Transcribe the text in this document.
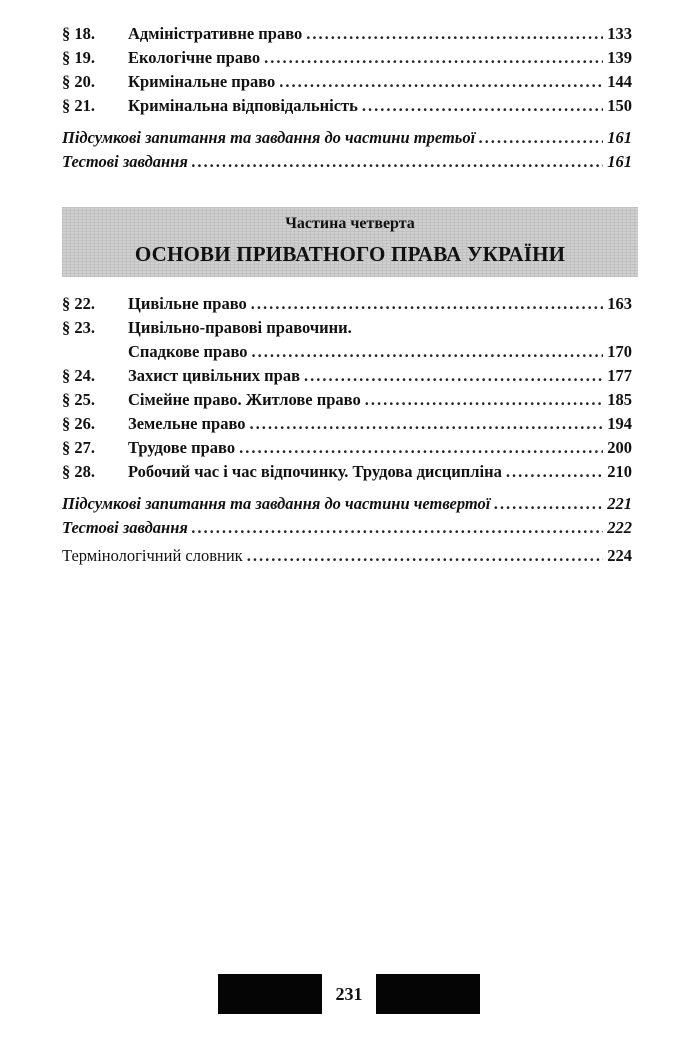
§ 18.	Адміністративне право .....	133
§ 19.	Екологічне право .....	139
§ 20.	Кримінальне право .....	144
§ 21.	Кримінальна відповідальність .....	150
Підсумкові запитання та завдання до частини третьої .....	161
Тестові завдання .....	161
Частина четверта
ОСНОВИ ПРИВАТНОГО ПРАВА УКРАЇНИ
§ 22.	Цивільне право .....	163
§ 23.	Цивільно-правові правочини.
Спадкове право .....	170
§ 24.	Захист цивільних прав .....	177
§ 25.	Сімейне право. Житлове право .....	185
§ 26.	Земельне право .....	194
§ 27.	Трудове право .....	200
§ 28.	Робочий час і час відпочинку. Трудова дисципліна .....	210
Підсумкові запитання та завдання до частини четвертої .....	221
Тестові завдання .....	222
Термінологічний словник .....	224
231
